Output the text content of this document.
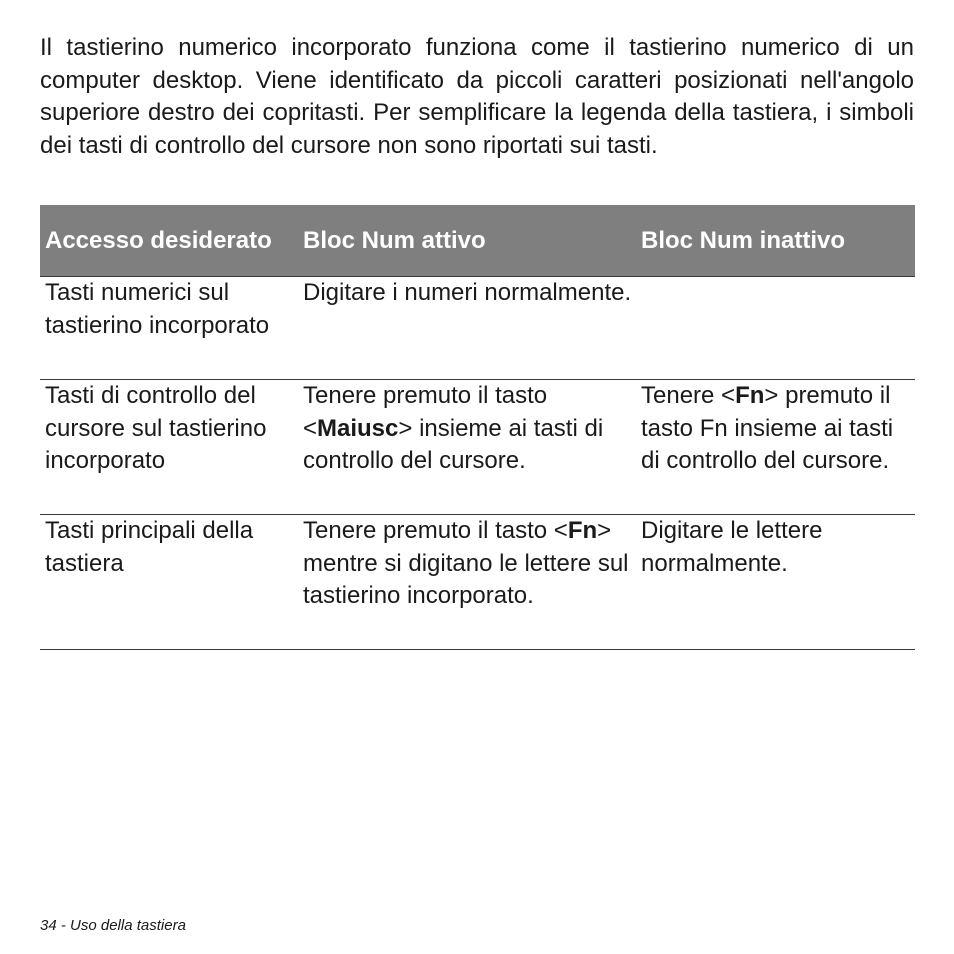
Il tastierino numerico incorporato funziona come il tastierino numerico di un computer desktop. Viene identificato da piccoli caratteri posizionati nell'angolo superiore destro dei copritasti. Per semplificare la legenda della tastiera, i simboli dei tasti di controllo del cursore non sono riportati sui tasti.

Accesso desiderato	Bloc Num attivo	Bloc Num inattivo
Tasti numerici sul tastierino incorporato	Digitare i numeri normalmente.	
Tasti di controllo del cursore sul tastierino incorporato	Tenere premuto il tasto <Maiusc> insieme ai tasti di controllo del cursore.	Tenere <Fn> premuto il tasto Fn insieme ai tasti di controllo del cursore.
Tasti principali della tastiera	Tenere premuto il tasto <Fn> mentre si digitano le lettere sul tastierino incorporato.	Digitare le lettere normalmente.
34 - Uso della tastiera
